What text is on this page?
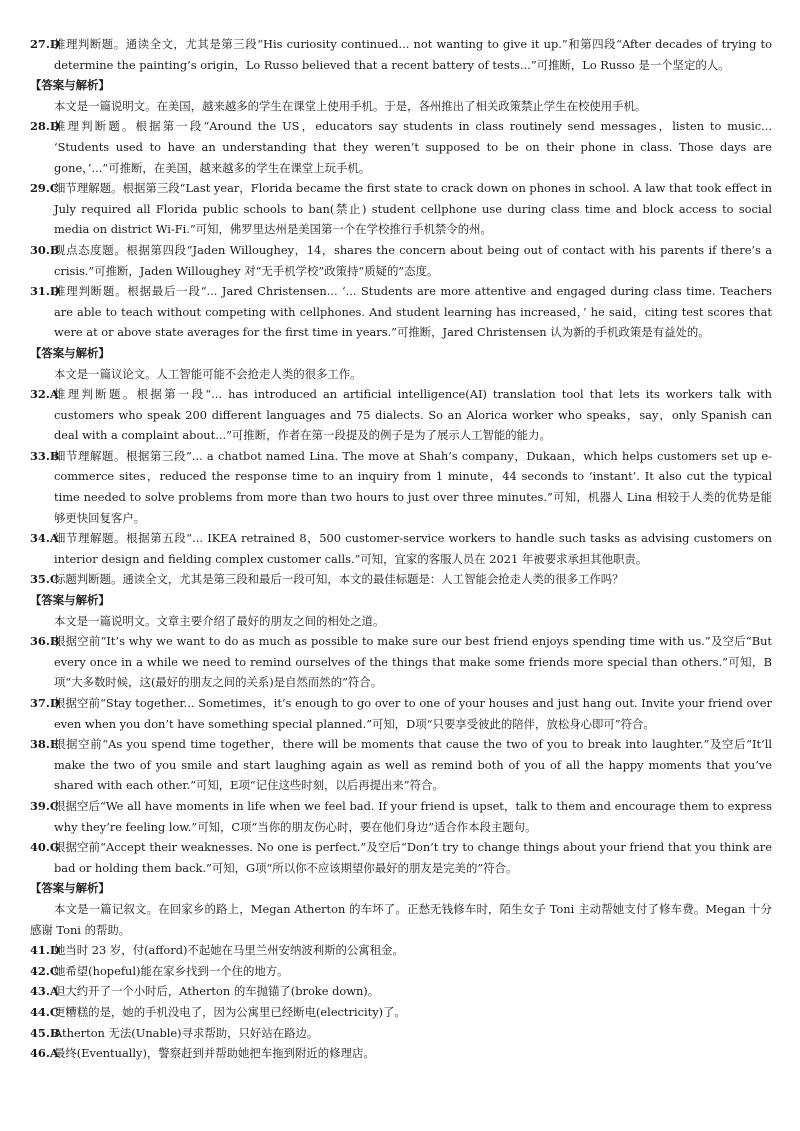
27.D
推理判断题。通读全文，尤其是第三段“His curiosity continued... not wanting to give it up.”和第四段“After decades of trying to determine the painting’s origin，Lo Russo believed that a recent battery of tests...”可推断，Lo Russo 是一个坚定的人。

【答案与解析】

本文是一篇说明文。在美国，越来越多的学生在课堂上使用手机。于是，各州推出了相关政策禁止学生在校使用手机。

28.D
推理判断题。根据第一段“Around the US，educators say students in class routinely send messages，listen to music... ‘Students used to have an understanding that they weren’t supposed to be on their phone in class. Those days are gone，’...”可推断，在美国，越来越多的学生在课堂上玩手机。

29.C
细节理解题。根据第三段“Last year，Florida became the first state to crack down on phones in school. A law that took effect in July required all Florida public schools to ban(禁止) student cellphone use during class time and block access to social media on district Wi-Fi.”可知，佛罗里达州是美国第一个在学校推行手机禁令的州。

30.B
观点态度题。根据第四段“Jaden Willoughey，14，shares the concern about being out of contact with his parents if there’s a crisis.”可推断，Jaden Willoughey 对“无手机学校”政策持“质疑的”态度。

31.D
推理判断题。根据最后一段“... Jared Christensen... ‘... Students are more attentive and engaged during class time. Teachers are able to teach without competing with cellphones. And student learning has increased，’ he said，citing test scores that were at or above state averages for the first time in years.”可推断，Jared Christensen 认为新的手机政策是有益处的。

【答案与解析】

本文是一篇议论文。人工智能可能不会抢走人类的很多工作。

32.A
推理判断题。根据第一段“... has introduced an artificial intelligence(AI) translation tool that lets its workers talk with customers who speak 200 different languages and 75 dialects. So an Alorica worker who speaks，say，only Spanish can deal with a complaint about...”可推断，作者在第一段提及的例子是为了展示人工智能的能力。

33.B
细节理解题。根据第三段“... a chatbot named Lina. The move at Shah’s company，Dukaan，which helps customers set up e-commerce sites，reduced the response time to an inquiry from 1 minute，44 seconds to ‘instant’. It also cut the typical time needed to solve problems from more than two hours to just over three minutes.”可知，机器人 Lina 相较于人类的优势是能够更快回复客户。

34.A
细节理解题。根据第五段“... IKEA retrained 8，500 customer-service workers to handle such tasks as advising customers on interior design and fielding complex customer calls.”可知，宜家的客服人员在 2021 年被要求承担其他职责。

35.C
标题判断题。通读全文，尤其是第三段和最后一段可知，本文的最佳标题是：人工智能会抢走人类的很多工作吗？

【答案与解析】

本文是一篇说明文。文章主要介绍了最好的朋友之间的相处之道。

36.B
根据空前“It’s why we want to do as much as possible to make sure our best friend enjoys spending time with us.”及空后“But every once in a while we need to remind ourselves of the things that make some friends more special than others.”可知，B项“大多数时候，这(最好的朋友之间的关系)是自然而然的”符合。

37.D
根据空前“Stay together... Sometimes，it’s enough to go over to one of your houses and just hang out. Invite your friend over even when you don’t have something special planned.”可知，D项“只要享受彼此的陪伴，放松身心即可”符合。

38.E
根据空前“As you spend time together，there will be moments that cause the two of you to break into laughter.”及空后“It’ll make the two of you smile and start laughing again as well as remind both of you of all the happy moments that you’ve shared with each other.”可知，E项“记住这些时刻，以后再提出来”符合。

39.C
根据空后“We all have moments in life when we feel bad. If your friend is upset，talk to them and encourage them to express why they’re feeling low.”可知，C项“当你的朋友伤心时，要在他们身边”适合作本段主题句。

40.G
根据空前“Accept their weaknesses. No one is perfect.”及空后“Don’t try to change things about your friend that you think are bad or holding them back.”可知，G项“所以你不应该期望你最好的朋友是完美的”符合。

【答案与解析】

本文是一篇记叙文。在回家乡的路上，Megan Atherton 的车坏了。正愁无钱修车时，陌生女子 Toni 主动帮她支付了修车费。Megan 十分感谢 Toni 的帮助。

41.D
她当时 23 岁，付(afford)不起她在马里兰州安纳波利斯的公寓租金。

42.C
她希望(hopeful)能在家乡找到一个住的地方。

43.A
但大约开了一个小时后，Atherton 的车抛锚了(broke down)。

44.C
更糟糕的是，她的手机没电了，因为公寓里已经断电(electricity)了。

45.B
Atherton 无法(Unable)寻求帮助，只好站在路边。

46.A
最终(Eventually)，警察赶到并帮助她把车拖到附近的修理店。
